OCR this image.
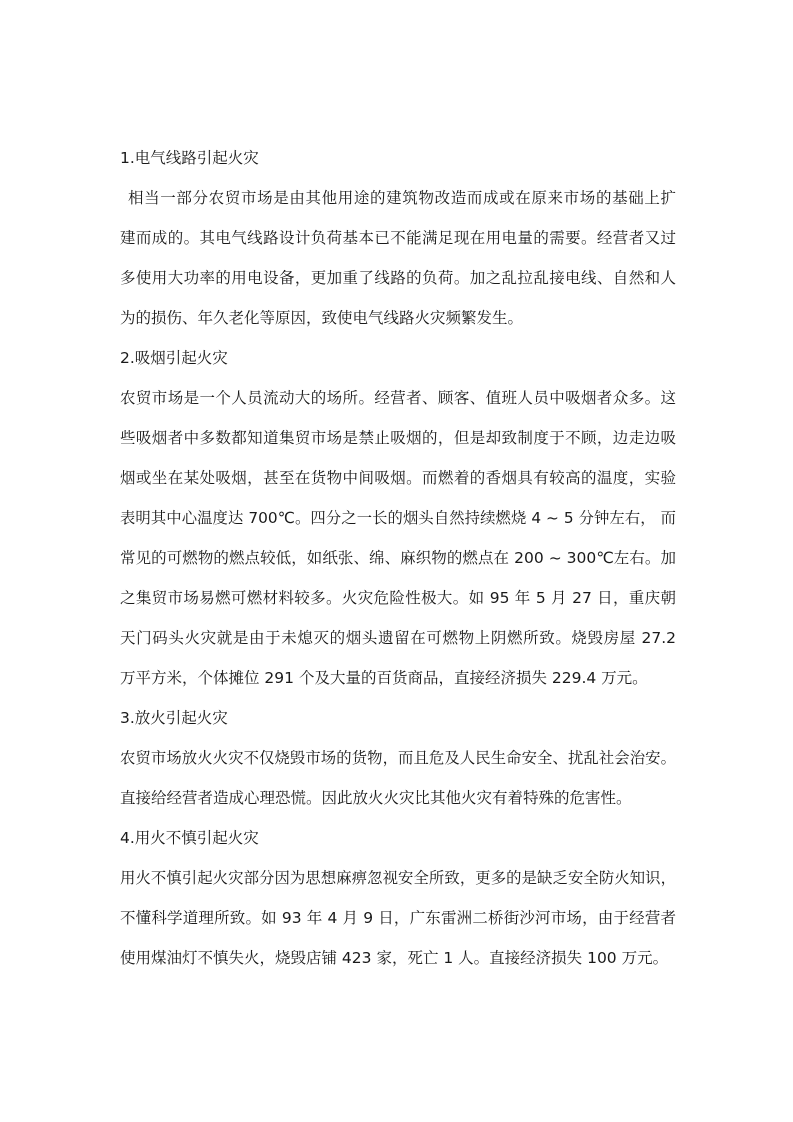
1.电气线路引起火灾
相当一部分农贸市场是由其他用途的建筑物改造而成或在原来市场的基础上扩
建而成的。其电气线路设计负荷基本已不能满足现在用电量的需要。经营者又过
多使用大功率的用电设备，更加重了线路的负荷。加之乱拉乱接电线、自然和人
为的损伤、年久老化等原因，致使电气线路火灾频繁发生。
2.吸烟引起火灾
农贸市场是一个人员流动大的场所。经营者、顾客、值班人员中吸烟者众多。这
些吸烟者中多数都知道集贸市场是禁止吸烟的，但是却致制度于不顾，边走边吸
烟或坐在某处吸烟，甚至在货物中间吸烟。而燃着的香烟具有较高的温度，实验
表明其中心温度达 700℃。四分之一长的烟头自然持续燃烧 4 ~ 5 分钟左右， 而
常见的可燃物的燃点较低，如纸张、绵、麻织物的燃点在 200 ~ 300℃左右。加
之集贸市场易燃可燃材料较多。火灾危险性极大。如 95 年 5 月 27 日，重庆朝
天门码头火灾就是由于未熄灭的烟头遗留在可燃物上阴燃所致。烧毁房屋 27.2
万平方米，个体摊位 291 个及大量的百货商品，直接经济损失 229.4 万元。
3.放火引起火灾
农贸市场放火火灾不仅烧毁市场的货物，而且危及人民生命安全、扰乱社会治安。
直接给经营者造成心理恐慌。因此放火火灾比其他火灾有着特殊的危害性。
4.用火不慎引起火灾
用火不慎引起火灾部分因为思想麻痹忽视安全所致，更多的是缺乏安全防火知识，
不懂科学道理所致。如 93 年 4 月 9 日，广东雷洲二桥街沙河市场，由于经营者
使用煤油灯不慎失火，烧毁店铺 423 家，死亡 1 人。直接经济损失 100 万元。
